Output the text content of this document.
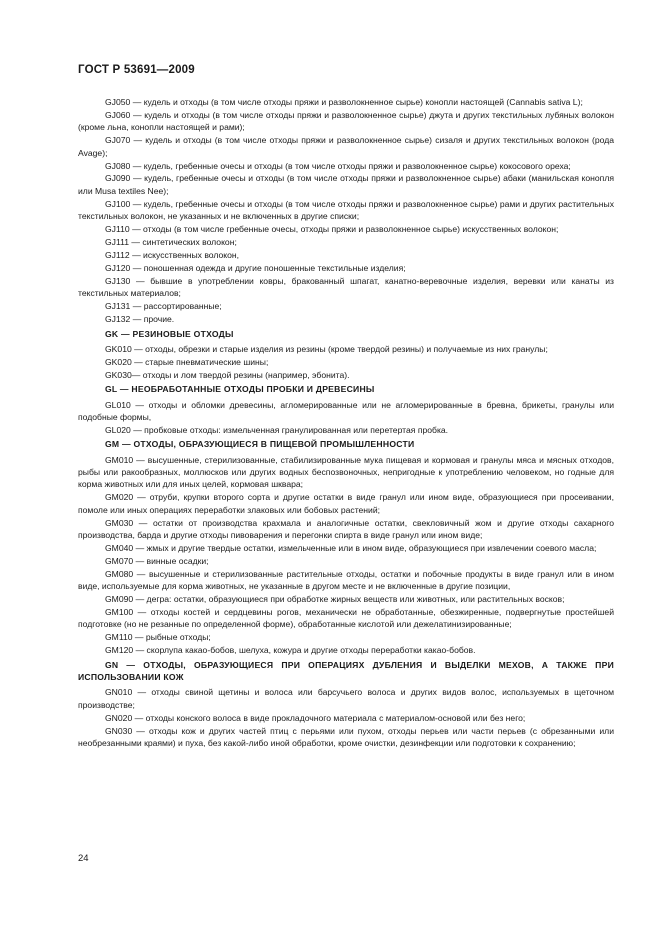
ГОСТ Р 53691—2009
GJ050 — кудель и отходы (в том числе отходы пряжи и разволокненное сырье) конопли настоящей (Cannabis sativa L);
GJ060 — кудель и отходы (в том числе отходы пряжи и разволокненное сырье) джута и других текстильных лубяных волокон (кроме льна, конопли настоящей и рами);
GJ070 — кудель и отходы (в том числе отходы пряжи и разволокненное сырье) сизаля и других текстильных волокон (рода Avage);
GJ080 — кудель, гребенные очесы и отходы (в том числе отходы пряжи и разволокненное сырье) кокосового ореха;
GJ090 — кудель, гребенные очесы и отходы (в том числе отходы пряжи и разволокненное сырье) абаки (манильская конопля или Musa textiles Nee);
GJ100 — кудель, гребенные очесы и отходы (в том числе отходы пряжи и разволокненное сырье) рами и других растительных текстильных волокон, не указанных и не включенных в другие списки;
GJ110 — отходы (в том числе гребенные очесы, отходы пряжи и разволокненное сырье) искусственных волокон;
GJ111 — синтетических волокон;
GJ112 — искусственных волокон,
GJ120 — поношенная одежда и другие поношенные текстильные изделия;
GJ130 — бывшие в употреблении ковры, бракованный шпагат, канатно-веревочные изделия, веревки или канаты из текстильных материалов;
GJ131 — рассортированные;
GJ132 — прочие.
GK — РЕЗИНОВЫЕ ОТХОДЫ
GK010 — отходы, обрезки и старые изделия из резины (кроме твердой резины) и получаемые из них гранулы;
GK020 — старые пневматические шины;
GK030— отходы и лом твердой резины (например, эбонита).
GL — НЕОБРАБОТАННЫЕ ОТХОДЫ ПРОБКИ И ДРЕВЕСИНЫ
GL010 — отходы и обломки древесины, агломерированные или не агломерированные в бревна, брикеты, гранулы или подобные формы,
GL020 — пробковые отходы: измельченная гранулированная или перетертая пробка.
GM — ОТХОДЫ, ОБРАЗУЮЩИЕСЯ В ПИЩЕВОЙ ПРОМЫШЛЕННОСТИ
GM010 — высушенные, стерилизованные, стабилизированные мука пищевая и кормовая и гранулы мяса и мясных отходов, рыбы или ракообразных, моллюсков или других водных беспозвоночных, непригодные к употреблению человеком, но годные для корма животных или для иных целей, кормовая шквара;
GM020 — отруби, крупки второго сорта и другие остатки в виде гранул или ином виде, образующиеся при просеивании, помоле или иных операциях переработки злаковых или бобовых растений;
GM030 — остатки от производства крахмала и аналогичные остатки, свекловичный жом и другие отходы сахарного производства, барда и другие отходы пивоварения и перегонки спирта в виде гранул или ином виде;
GM040 — жмых и другие твердые остатки, измельченные или в ином виде, образующиеся при извлечении соевого масла;
GM070 — винные осадки;
GM080 — высушенные и стерилизованные растительные отходы, остатки и побочные продукты в виде гранул или в ином виде, используемые для корма животных, не указанные в другом месте и не включенные в другие позиции,
GM090 — дегра: остатки, образующиеся при обработке жирных веществ или животных, или растительных восков;
GM100 — отходы костей и сердцевины рогов, механически не обработанные, обезжиренные, подвергнутые простейшей подготовке (но не резанные по определенной форме), обработанные кислотой или дежелатинизированные;
GM110 — рыбные отходы;
GM120 — скорлупа какао-бобов, шелуха, кожура и другие отходы переработки какао-бобов.
GN — ОТХОДЫ, ОБРАЗУЮЩИЕСЯ ПРИ ОПЕРАЦИЯХ ДУБЛЕНИЯ И ВЫДЕЛКИ МЕХОВ, А ТАКЖЕ ПРИ ИСПОЛЬЗОВАНИИ КОЖ
GN010 — отходы свиной щетины и волоса или барсучьего волоса и других видов волос, используемых в щеточном производстве;
GN020 — отходы конского волоса в виде прокладочного материала с материалом-основой или без него;
GN030 — отходы кож и других частей птиц с перьями или пухом, отходы перьев или части перьев (с обрезанными или необрезанными краями) и пуха, без какой-либо иной обработки, кроме очистки, дезинфекции или подготовки к сохранению;
24
